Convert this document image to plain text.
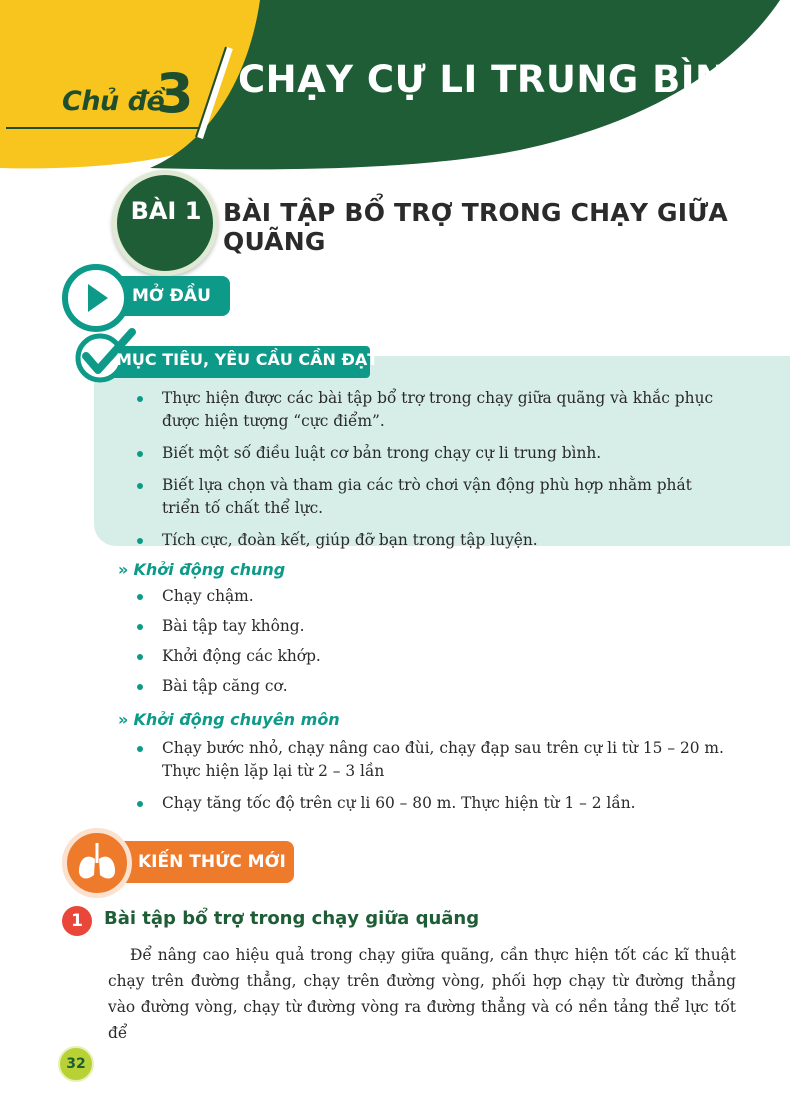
Chủ đề
3 CHẠY CỰ LI TRUNG BÌNH
BÀI 1 BÀI TẬP BỔ TRỢ TRONG CHẠY GIỮA QUÃNG
MỞ ĐẦU
MỤC TIÊU, YÊU CẦU CẦN ĐẠT
Thực hiện được các bài tập bổ trợ trong chạy giữa quãng và khắc phục được hiện tượng “cực điểm”.
Biết một số điều luật cơ bản trong chạy cự li trung bình.
Biết lựa chọn và tham gia các trò chơi vận động phù hợp nhằm phát triển tố chất thể lực.
Tích cực, đoàn kết, giúp đỡ bạn trong tập luyện.
» Khởi động chung
Chạy chậm.
Bài tập tay không.
Khởi động các khớp.
Bài tập căng cơ.
» Khởi động chuyên môn
Chạy bước nhỏ, chạy nâng cao đùi, chạy đạp sau trên cự li từ 15 – 20 m. Thực hiện lặp lại từ 2 – 3 lần
Chạy tăng tốc độ trên cự li 60 – 80 m. Thực hiện từ 1 – 2 lần.
KIẾN THỨC MỚI
1	Bài tập bổ trợ trong chạy giữa quãng
Để nâng cao hiệu quả trong chạy giữa quãng, cần thực hiện tốt các kĩ thuật chạy trên đường thẳng, chạy trên đường vòng, phối hợp chạy từ đường thẳng vào đường vòng, chạy từ đường vòng ra đường thẳng và có nền tảng thể lực tốt để
32
